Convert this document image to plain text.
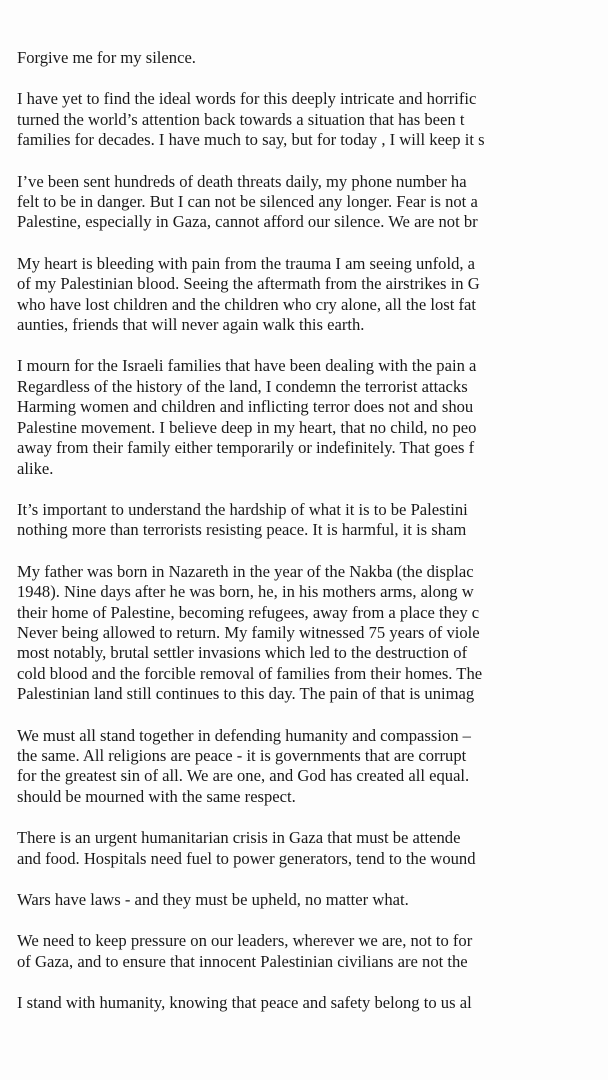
Forgive me for my silence.

I have yet to find the ideal words for this deeply intricate and horrific
turned the world’s attention back towards a situation that has been t
families for decades. I have much to say, but for today , I will keep it s

I’ve been sent hundreds of death threats daily, my phone number ha
felt to be in danger. But I can not be silenced any longer. Fear is not a
Palestine, especially in Gaza, cannot afford our silence. We are not br

My heart is bleeding with pain from the trauma I am seeing unfold, a
of my Palestinian blood. Seeing the aftermath from the airstrikes in G
who have lost children and the children who cry alone, all the lost fat
aunties, friends that will never again walk this earth.

I mourn for the Israeli families that have been dealing with the pain a
Regardless of the history of the land, I condemn the terrorist attacks
Harming women and children and inflicting terror does not and shou
Palestine movement. I believe deep in my heart, that no child, no peo
away from their family either temporarily or indefinitely. That goes f
alike.

It’s important to understand the hardship of what it is to be Palestini
nothing more than terrorists resisting peace. It is harmful, it is sham

My father was born in Nazareth in the year of the Nakba (the displac
1948). Nine days after he was born, he, in his mothers arms, along w
their home of Palestine, becoming refugees, away from a place they c
Never being allowed to return. My family witnessed 75 years of viole
most notably, brutal settler invasions which led to the destruction of
cold blood and the forcible removal of families from their homes. The
Palestinian land still continues to this day. The pain of that is unimag

We must all stand together in defending humanity and compassion –
the same. All religions are peace - it is governments that are corrupt
for the greatest sin of all. We are one, and God has created all equal.
should be mourned with the same respect.

There is an urgent humanitarian crisis in Gaza that must be attende
and food. Hospitals need fuel to power generators, tend to the wound

Wars have laws - and they must be upheld, no matter what.

We need to keep pressure on our leaders, wherever we are, not to for
of Gaza, and to ensure that innocent Palestinian civilians are not the

I stand with humanity, knowing that peace and safety belong to us al
